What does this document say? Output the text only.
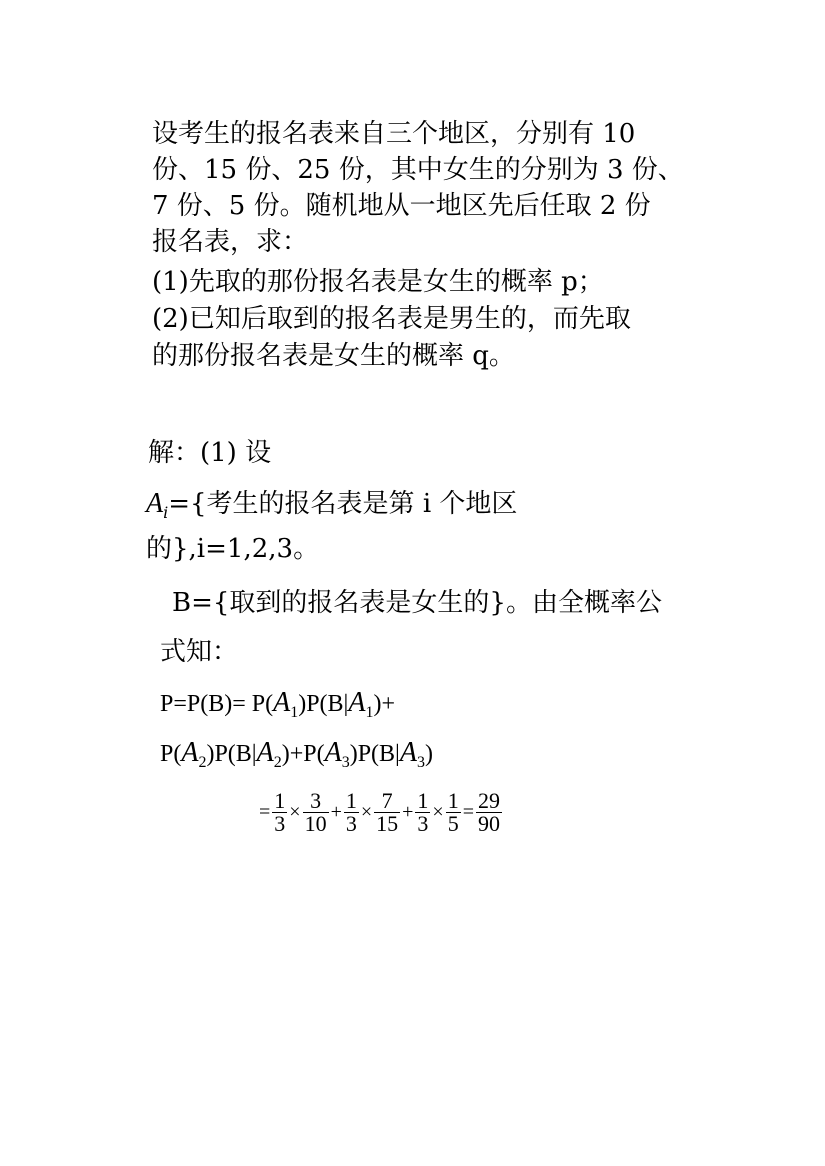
设考生的报名表来自三个地区，分别有 10
份、15 份、25 份，其中女生的分别为 3 份、
7 份、5 份。随机地从一地区先后任取 2 份
报名表，求：
(1)先取的那份报名表是女生的概率 p；
(2)已知后取到的报名表是男生的，而先取
的那份报名表是女生的概率 q。
解：(1) 设
$A_i=${考生的报名表是第 i 个地区
的},i=1,2,3。
B={取到的报名表是女生的}。由全概率公
式知：
$P=P(B)= P(A_1)P(B|A_1)+$
$P(A_2)P(B|A_2)+P(A_3)P(B|A_3)$
= $\frac{1}{3} \times \frac{3}{10} + \frac{1}{3} \times \frac{7}{15} + \frac{1}{3} \times \frac{1}{5} = \frac{29}{90}$
